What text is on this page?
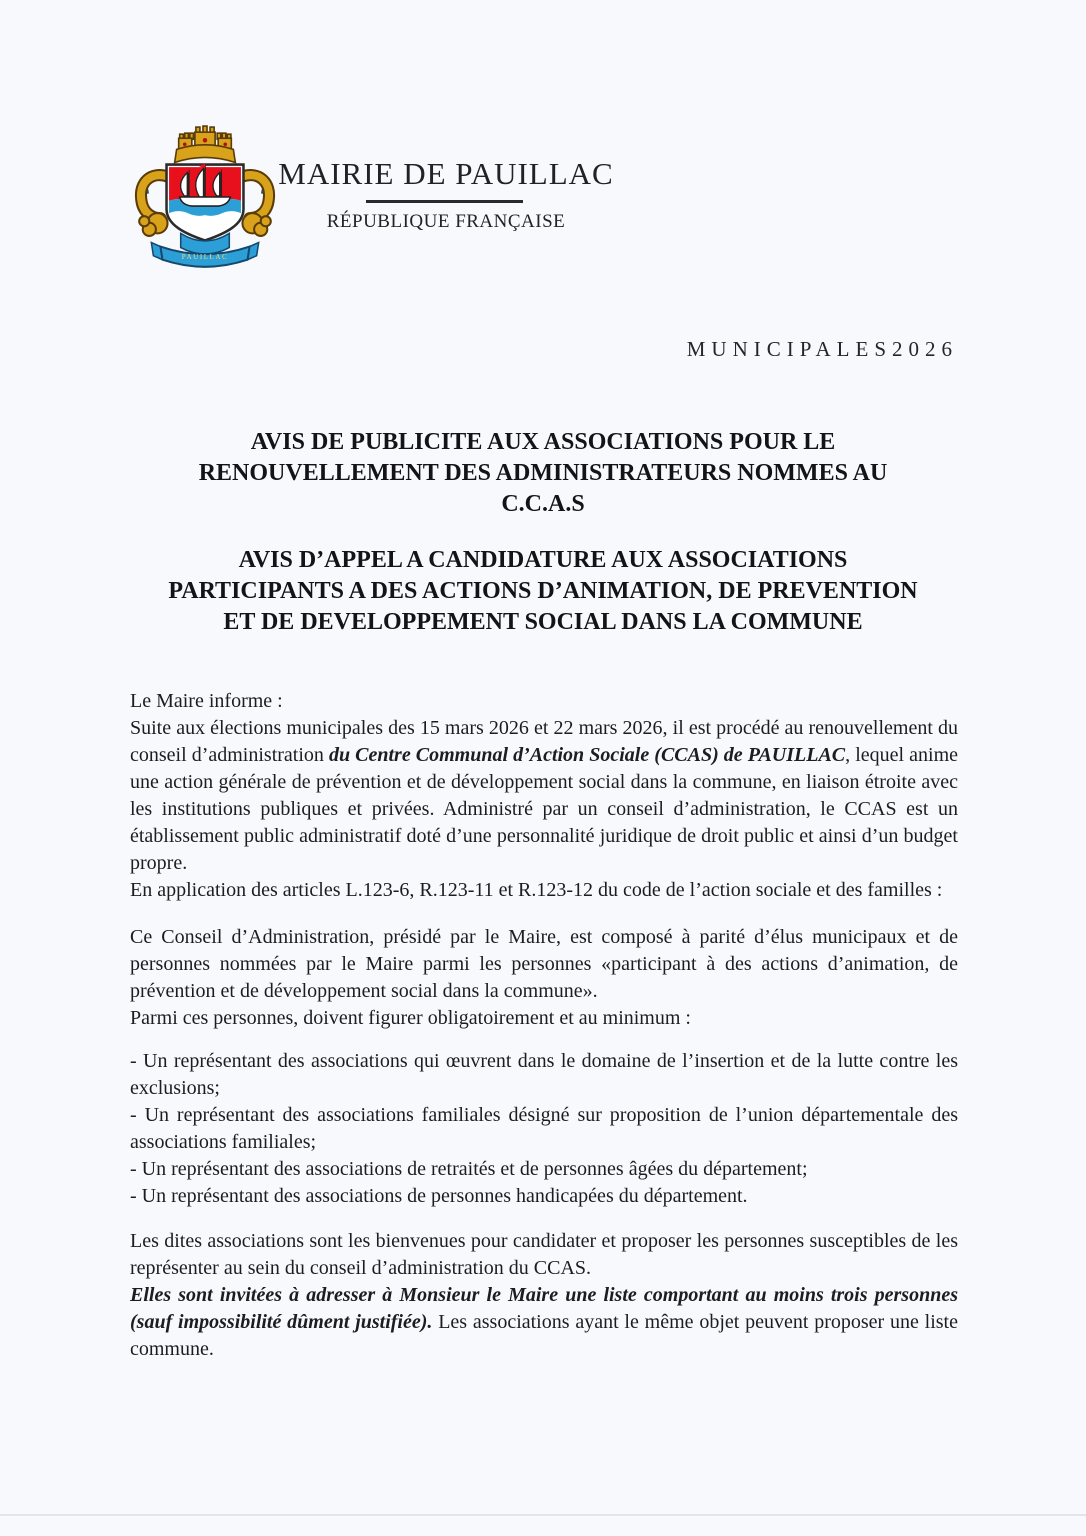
PAUILLAC
MAIRIE DE PAUILLAC
RÉPUBLIQUE FRANÇAISE
MUNICIPALES2026
AVIS DE PUBLICITE AUX ASSOCIATIONS POUR LE
RENOUVELLEMENT DES ADMINISTRATEURS NOMMES AU
C.C.A.S
AVIS D’APPEL A CANDIDATURE AUX ASSOCIATIONS
PARTICIPANTS A DES ACTIONS D’ANIMATION, DE PREVENTION
ET DE DEVELOPPEMENT SOCIAL DANS LA COMMUNE

Le Maire informe :

Suite aux élections municipales des 15 mars 2026 et 22 mars 2026, il est procédé au renouvellement du conseil d’administration du Centre Communal d’Action Sociale (CCAS) de PAUILLAC, lequel anime une action générale de prévention et de développement social dans la commune, en liaison étroite avec les institutions publiques et privées. Administré par un conseil d’administration, le CCAS est un établissement public administratif doté d’une personnalité juridique de droit public et ainsi d’un budget propre.

En application des articles L.123-6, R.123-11 et R.123-12 du code de l’action sociale et des familles :

Ce Conseil d’Administration, présidé par le Maire, est composé à parité d’élus municipaux et de personnes nommées par le Maire parmi les personnes «participant à des actions d’animation, de prévention et de développement social dans la commune».

Parmi ces personnes, doivent figurer obligatoirement et au minimum :

- Un représentant des associations qui œuvrent dans le domaine de l’insertion et de la lutte contre les exclusions;

- Un représentant des associations familiales désigné sur proposition de l’union départementale des associations familiales;

- Un représentant des associations de retraités et de personnes âgées du département;

- Un représentant des associations de personnes handicapées du département.

Les dites associations sont les bienvenues pour candidater et proposer les personnes susceptibles de les représenter au sein du conseil d’administration du CCAS.

Elles sont invitées à adresser à Monsieur le Maire une liste comportant au moins trois personnes (sauf impossibilité dûment justifiée). Les associations ayant le même objet peuvent proposer une liste commune.
